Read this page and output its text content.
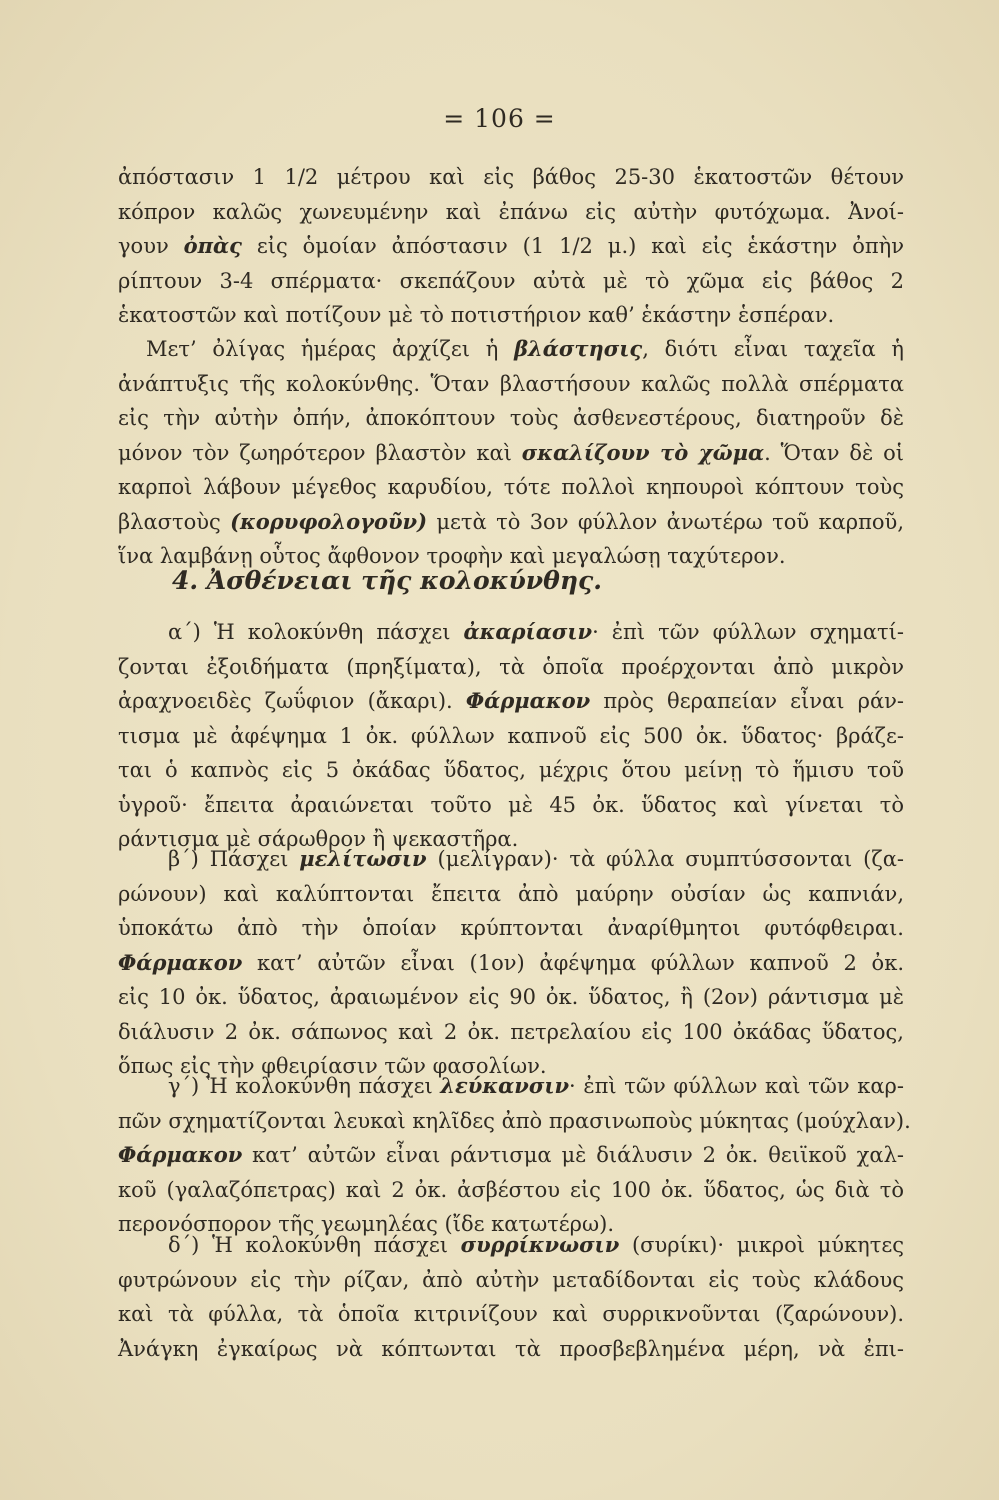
= 106 =
ἀπόστασιν 1 1/2 μέτρου καὶ εἰς βάθος 25-30 ἑκατοστῶν θέτουν
κόπρον καλῶς χωνευμένην καὶ ἐπάνω εἰς αὐτὴν φυτόχωμα. Ἀνοί-
γουν ὀπὰς εἰς ὁμοίαν ἀπόστασιν (1 1/2 μ.) καὶ εἰς ἑκάστην ὀπὴν
ρίπτουν 3-4 σπέρματα· σκεπάζουν αὐτὰ μὲ τὸ χῶμα εἰς βάθος 2
ἑκατοστῶν καὶ ποτίζουν μὲ τὸ ποτιστήριον καθ’ ἑκάστην ἑσπέραν.
Μετ’ ὀλίγας ἡμέρας ἀρχίζει ἡ βλάστησις, διότι εἶναι ταχεῖα ἡ
ἀνάπτυξις τῆς κολοκύνθης. Ὅταν βλαστήσουν καλῶς πολλὰ σπέρματα
εἰς τὴν αὐτὴν ὀπήν, ἀποκόπτουν τοὺς ἀσθενεστέρους, διατηροῦν δὲ
μόνον τὸν ζωηρότερον βλαστὸν καὶ σκαλίζουν τὸ χῶμα. Ὅταν δὲ οἱ
καρποὶ λάβουν μέγεθος καρυδίου, τότε πολλοὶ κηπουροὶ κόπτουν τοὺς
βλαστοὺς (κορυφολογοῦν) μετὰ τὸ 3ον φύλλον ἀνωτέρω τοῦ καρποῦ,
ἵνα λαμβάνῃ οὗτος ἄφθονον τροφὴν καὶ μεγαλώσῃ ταχύτερον.
4. Ἀσθένειαι τῆς κολοκύνθης.
α΄) Ἡ κολοκύνθη πάσχει ἀκαρίασιν· ἐπὶ τῶν φύλλων σχηματί-
ζονται ἐξοιδήματα (πρηξίματα), τὰ ὁποῖα προέρχονται ἀπὸ μικρὸν
ἀραχνοειδὲς ζωΰφιον (ἄκαρι). Φάρμακον πρὸς θεραπείαν εἶναι ράν-
τισμα μὲ ἀφέψημα 1 ὀκ. φύλλων καπνοῦ εἰς 500 ὀκ. ὕδατος· βράζε-
ται ὁ καπνὸς εἰς 5 ὀκάδας ὕδατος, μέχρις ὅτου μείνῃ τὸ ἥμισυ τοῦ
ὑγροῦ· ἔπειτα ἀραιώνεται τοῦτο μὲ 45 ὀκ. ὕδατος καὶ γίνεται τὸ
ράντισμα μὲ σάρωθρον ἢ ψεκαστῆρα.
β΄) Πάσχει μελίτωσιν (μελίγραν)· τὰ φύλλα συμπτύσσονται (ζα-
ρώνουν) καὶ καλύπτονται ἔπειτα ἀπὸ μαύρην οὐσίαν ὡς καπνιάν,
ὑποκάτω ἀπὸ τὴν ὁποίαν κρύπτονται ἀναρίθμητοι φυτόφθειραι.
Φάρμακον κατ’ αὐτῶν εἶναι (1ον) ἀφέψημα φύλλων καπνοῦ 2 ὀκ.
εἰς 10 ὀκ. ὕδατος, ἀραιωμένον εἰς 90 ὀκ. ὕδατος, ἢ (2ον) ράντισμα μὲ
διάλυσιν 2 ὀκ. σάπωνος καὶ 2 ὀκ. πετρελαίου εἰς 100 ὀκάδας ὕδατος,
ὅπως εἰς τὴν φθειρίασιν τῶν φασολίων.
γ΄) Ἡ κολοκύνθη πάσχει λεύκανσιν· ἐπὶ τῶν φύλλων καὶ τῶν καρ-
πῶν σχηματίζονται λευκαὶ κηλῖδες ἀπὸ πρασινωποὺς μύκητας (μούχλαν).
Φάρμακον κατ’ αὐτῶν εἶναι ράντισμα μὲ διάλυσιν 2 ὀκ. θειϊκοῦ χαλ-
κοῦ (γαλαζόπετρας) καὶ 2 ὀκ. ἀσβέστου εἰς 100 ὀκ. ὕδατος, ὡς διὰ τὸ
περονόσπορον τῆς γεωμηλέας (ἴδε κατωτέρω).
δ΄) Ἡ κολοκύνθη πάσχει συρρίκνωσιν (συρίκι)· μικροὶ μύκητες
φυτρώνουν εἰς τὴν ρίζαν, ἀπὸ αὐτὴν μεταδίδονται εἰς τοὺς κλάδους
καὶ τὰ φύλλα, τὰ ὁποῖα κιτρινίζουν καὶ συρρικνοῦνται (ζαρώνουν).
Ἀνάγκη ἐγκαίρως νὰ κόπτωνται τὰ προσβεβλημένα μέρη, νὰ ἐπι-
